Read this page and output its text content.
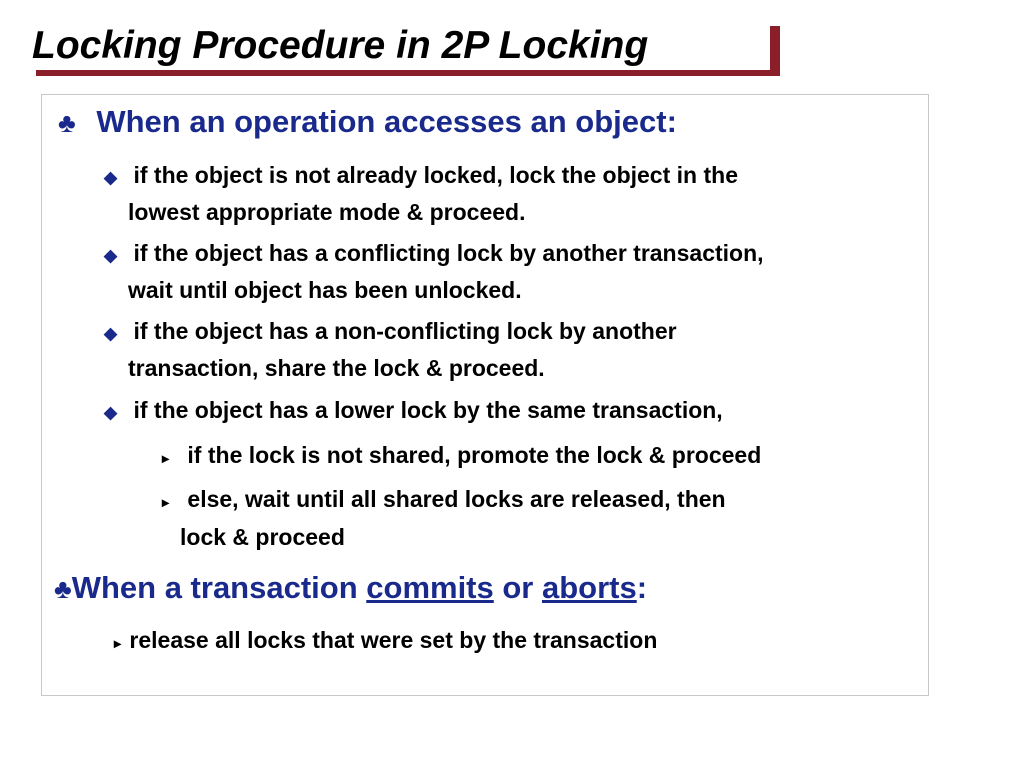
Locking Procedure in 2P Locking
♣ When an operation accesses an object:
◆ if the object is not already locked, lock the object in the
lowest appropriate mode & proceed.
◆ if the object has a conflicting lock by another transaction,
wait until object has been unlocked.
◆ if the object has a non-conflicting lock by another
transaction, share the lock & proceed.
◆ if the object has a lower lock by the same transaction,
▸ if the lock is not shared, promote the lock & proceed
▸ else, wait until all shared locks are released, then
lock & proceed
♣When a transaction commits or aborts:
▸ release all locks that were set by the transaction
